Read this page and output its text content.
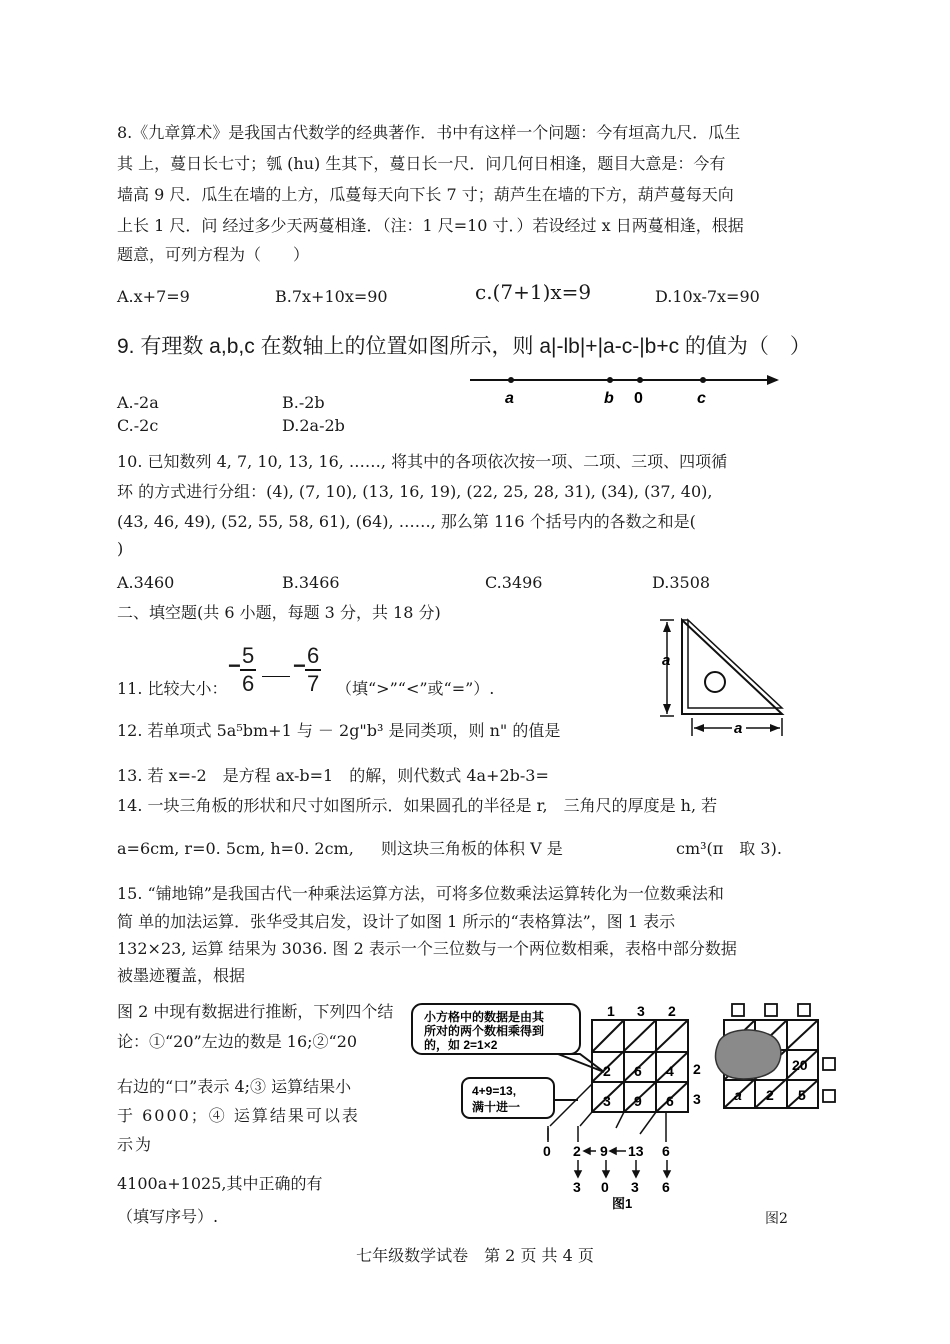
8.《九章算术》是我国古代数学的经典著作．书中有这样一个问题：今有垣高九尺．瓜生
其 上，蔓日长七寸；瓠 (hu) 生其下，蔓日长一尺．问几何日相逢，题目大意是：今有
墙高 9 尺．瓜生在墙的上方，瓜蔓每天向下长 7 寸；葫芦生在墙的下方，葫芦蔓每天向
上长 1 尺．问 经过多少天两蔓相逢．（注：1 尺=10 寸．）若设经过 x 日两蔓相逢，根据
题意，可列方程为（　　）
A.x+7=9	B.7x+10x=90	c.(7+1)x=9	D.10x-7x=90
9. 有理数 a,b,c 在数轴上的位置如图所示，则 a|-lb|+|a-c-|b+c 的值为（　）
A.-2a	B.-2b
C.-2c	D.2a-2b
a	b 0	c
10. 已知数列 4, 7, 10, 13, 16, ……, 将其中的各项依次按一项、二项、三项、四项循
环 的方式进行分组：(4), (7, 10), (13, 16, 19), (22, 25, 28, 31), (34), (37, 40),
(43, 46, 49), (52, 55, 58, 61), (64), ……, 那么第 116 个括号内的各数之和是(
)
A.3460	B.3466	C.3496	D.3508
二、填空题(共 6 小题，每题 3 分，共 18 分)
11. 比较大小：
− $\frac{5}{6} - \frac{6}{7}$ （填“>”“<”或“=”）.
a
a
12. 若单项式 5a⁵bm+1 与 － 2g"b³ 是同类项，则 n" 的值是
13. 若 x=-2　是方程 ax-b=1　的解，则代数式 4a+2b-3=
14. 一块三角板的形状和尺寸如图所示．如果圆孔的半径是 r,　三角尺的厚度是 h, 若
a=6cm, r=0. 5cm, h=0. 2cm, 则这块三角板的体积 V 是	cm³(π　取 3).
15. “铺地锦”是我国古代一种乘法运算方法，可将多位数乘法运算转化为一位数乘法和
简 单的加法运算．张华受其启发，设计了如图 1 所示的“表格算法”，图 1 表示
132×23, 运算 结果为 3036. 图 2 表示一个三位数与一个两位数相乘，表格中部分数据
被墨迹覆盖，根据
图 2 中现有数据进行推断，下列四个结
论：①“20”左边的数是 16;②“20
右边的“口”表示 4;③ 运算结果小
于 6000；④ 运算结果可以表
示为
4100a+1025,其中正确的有
（填写序号）.
小方格中的数据是由其
所对的两个数相乘得到
的，如 2=1×2
1 3 2
2
3
2 6 4
3 9 6
4+9=13,
满十进一
0 2 9 13 6
3 0 3 6
图1
20
a 2 5
图2
七年级数学试卷　第 2 页 共 4 页
